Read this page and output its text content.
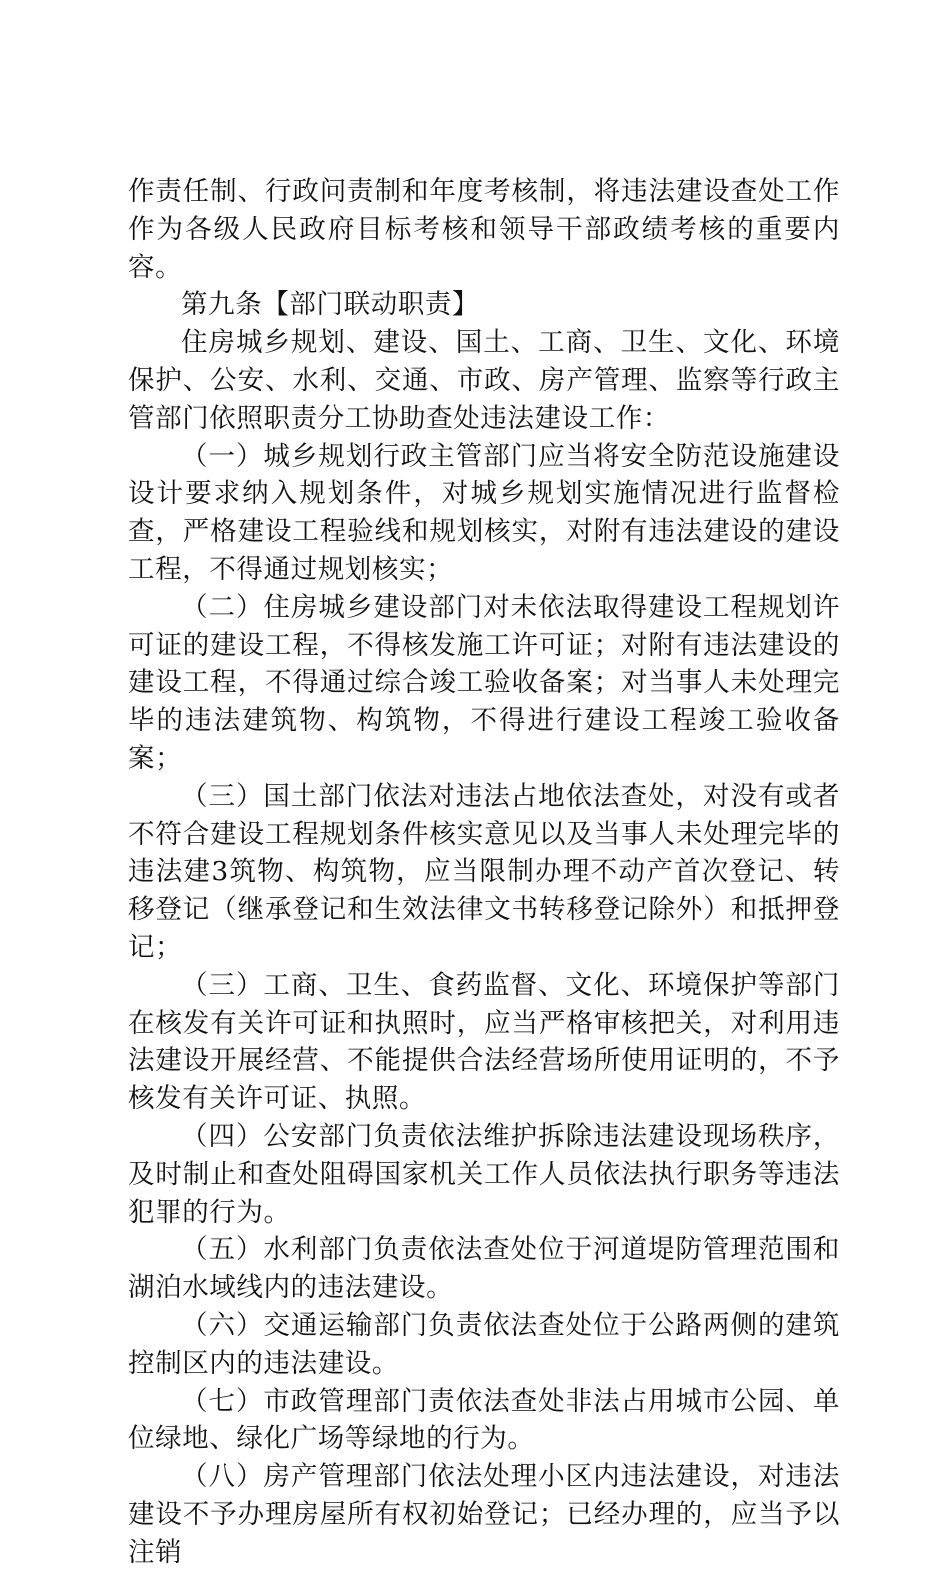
作责任制、行政问责制和年度考核制，将违法建设查处工作作为各级人民政府目标考核和领导干部政绩考核的重要内容。

第九条【部门联动职责】

住房城乡规划、建设、国土、工商、卫生、文化、环境保护、公安、水利、交通、市政、房产管理、监察等行政主管部门依照职责分工协助查处违法建设工作：

（一）城乡规划行政主管部门应当将安全防范设施建设设计要求纳入规划条件，对城乡规划实施情况进行监督检查，严格建设工程验线和规划核实，对附有违法建设的建设工程，不得通过规划核实；

（二）住房城乡建设部门对未依法取得建设工程规划许可证的建设工程，不得核发施工许可证；对附有违法建设的建设工程，不得通过综合竣工验收备案；对当事人未处理完毕的违法建筑物、构筑物，不得进行建设工程竣工验收备案；

（三）国土部门依法对违法占地依法查处，对没有或者不符合建设工程规划条件核实意见以及当事人未处理完毕的违法建3筑物、构筑物，应当限制办理不动产首次登记、转移登记（继承登记和生效法律文书转移登记除外）和抵押登记；

（三）工商、卫生、食药监督、文化、环境保护等部门在核发有关许可证和执照时，应当严格审核把关，对利用违法建设开展经营、不能提供合法经营场所使用证明的，不予核发有关许可证、执照。

（四）公安部门负责依法维护拆除违法建设现场秩序，及时制止和查处阻碍国家机关工作人员依法执行职务等违法犯罪的行为。

（五）水利部门负责依法查处位于河道堤防管理范围和湖泊水域线内的违法建设。

（六）交通运输部门负责依法查处位于公路两侧的建筑控制区内的违法建设。

（七）市政管理部门责依法查处非法占用城市公园、单位绿地、绿化广场等绿地的行为。

（八）房产管理部门依法处理小区内违法建设，对违法建设不予办理房屋所有权初始登记；已经办理的，应当予以注销
